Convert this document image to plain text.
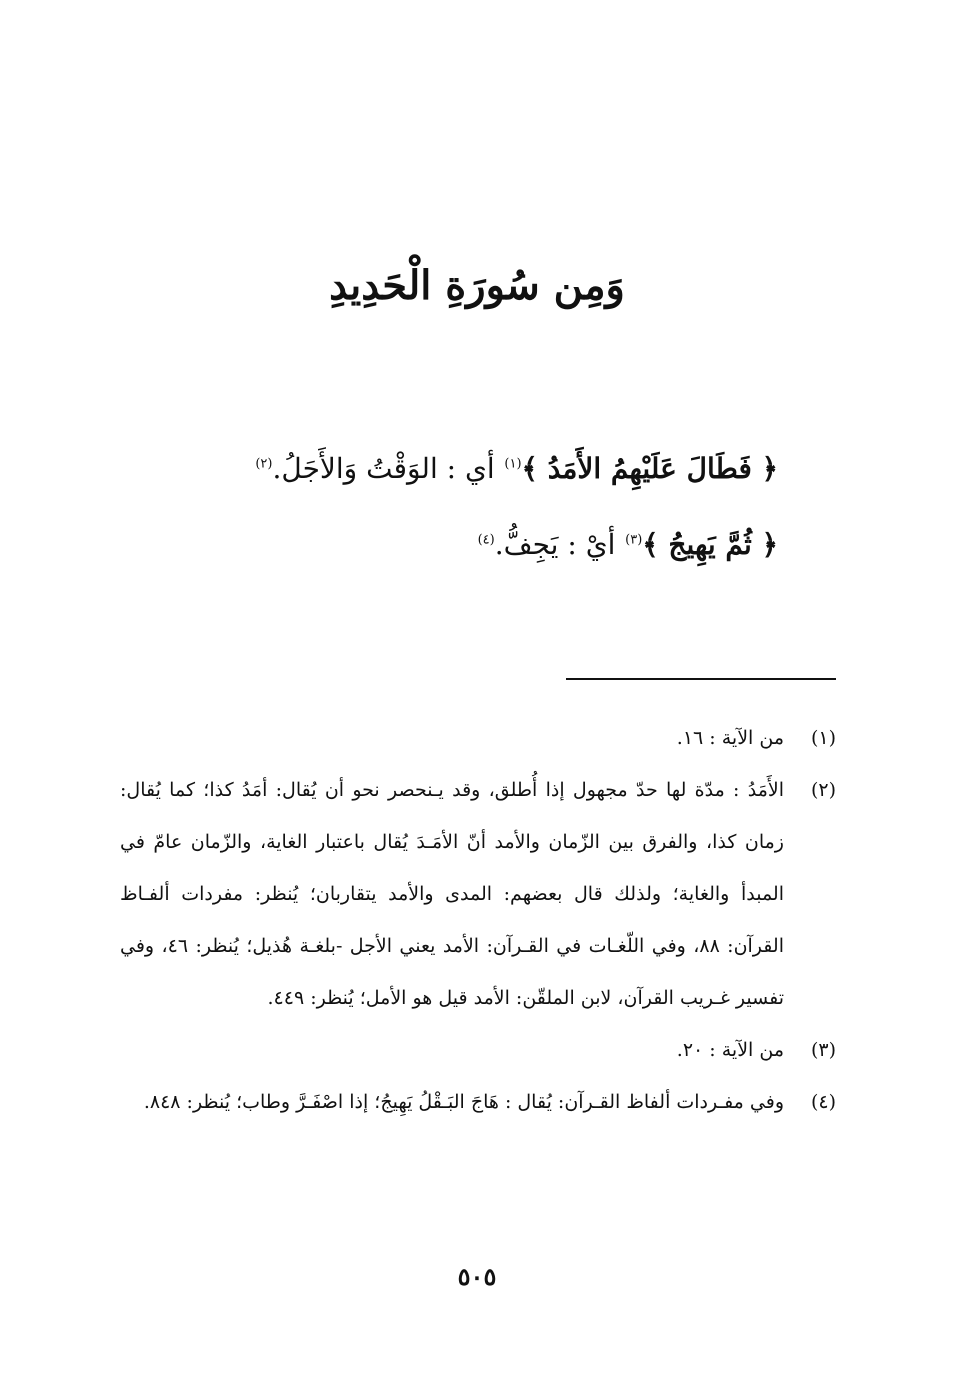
وَمِن سُورَةِ الْحَدِيدِ
﴿ فَطَالَ عَلَيْهِمُ الأَمَدُ ﴾$^{(١)}$ أي : الوَقْتُ وَالأَجَلُ.$^{(٢)}$
﴿ ثُمَّ يَهِيجُ ﴾$^{(٣)}$ أيْ : يَجِفُّ.$^{(٤)}$
(١)
من الآية : ١٦.
(٢)
الأَمَدُ : مدّة لها حدّ مجهول إذا أُطلق، وقد يـنحصر نحو أن يُقال: أمَدُ كذا؛ كما يُقال: زمان كذا، والفرق بين الزّمان والأمد أنّ الأمَـدَ يُقال باعتبار الغاية، والزّمان عامّ في المبدأ والغاية؛ ولذلك قال بعضهم: المدى والأمد يتقاربان؛ يُنظر: مفردات ألفـاظ القرآن: ٨٨، وفي اللّغـات في القـرآن: الأمد يعني الأجل -بلغـة هُذيل؛ يُنظر: ٤٦، وفي تفسير غـريب القرآن، لابن الملقّن: الأمد قيل هو الأمل؛ يُنظر: ٤٤٩.
(٣)
من الآية : ٢٠.
(٤)
وفي مفـردات ألفاظ القـرآن: يُقال : هَاجَ البَـقْلُ يَهِيجُ؛ إذا اصْفَـرَّ وطاب؛ يُنظر: ٨٤٨.
٥٠٥
